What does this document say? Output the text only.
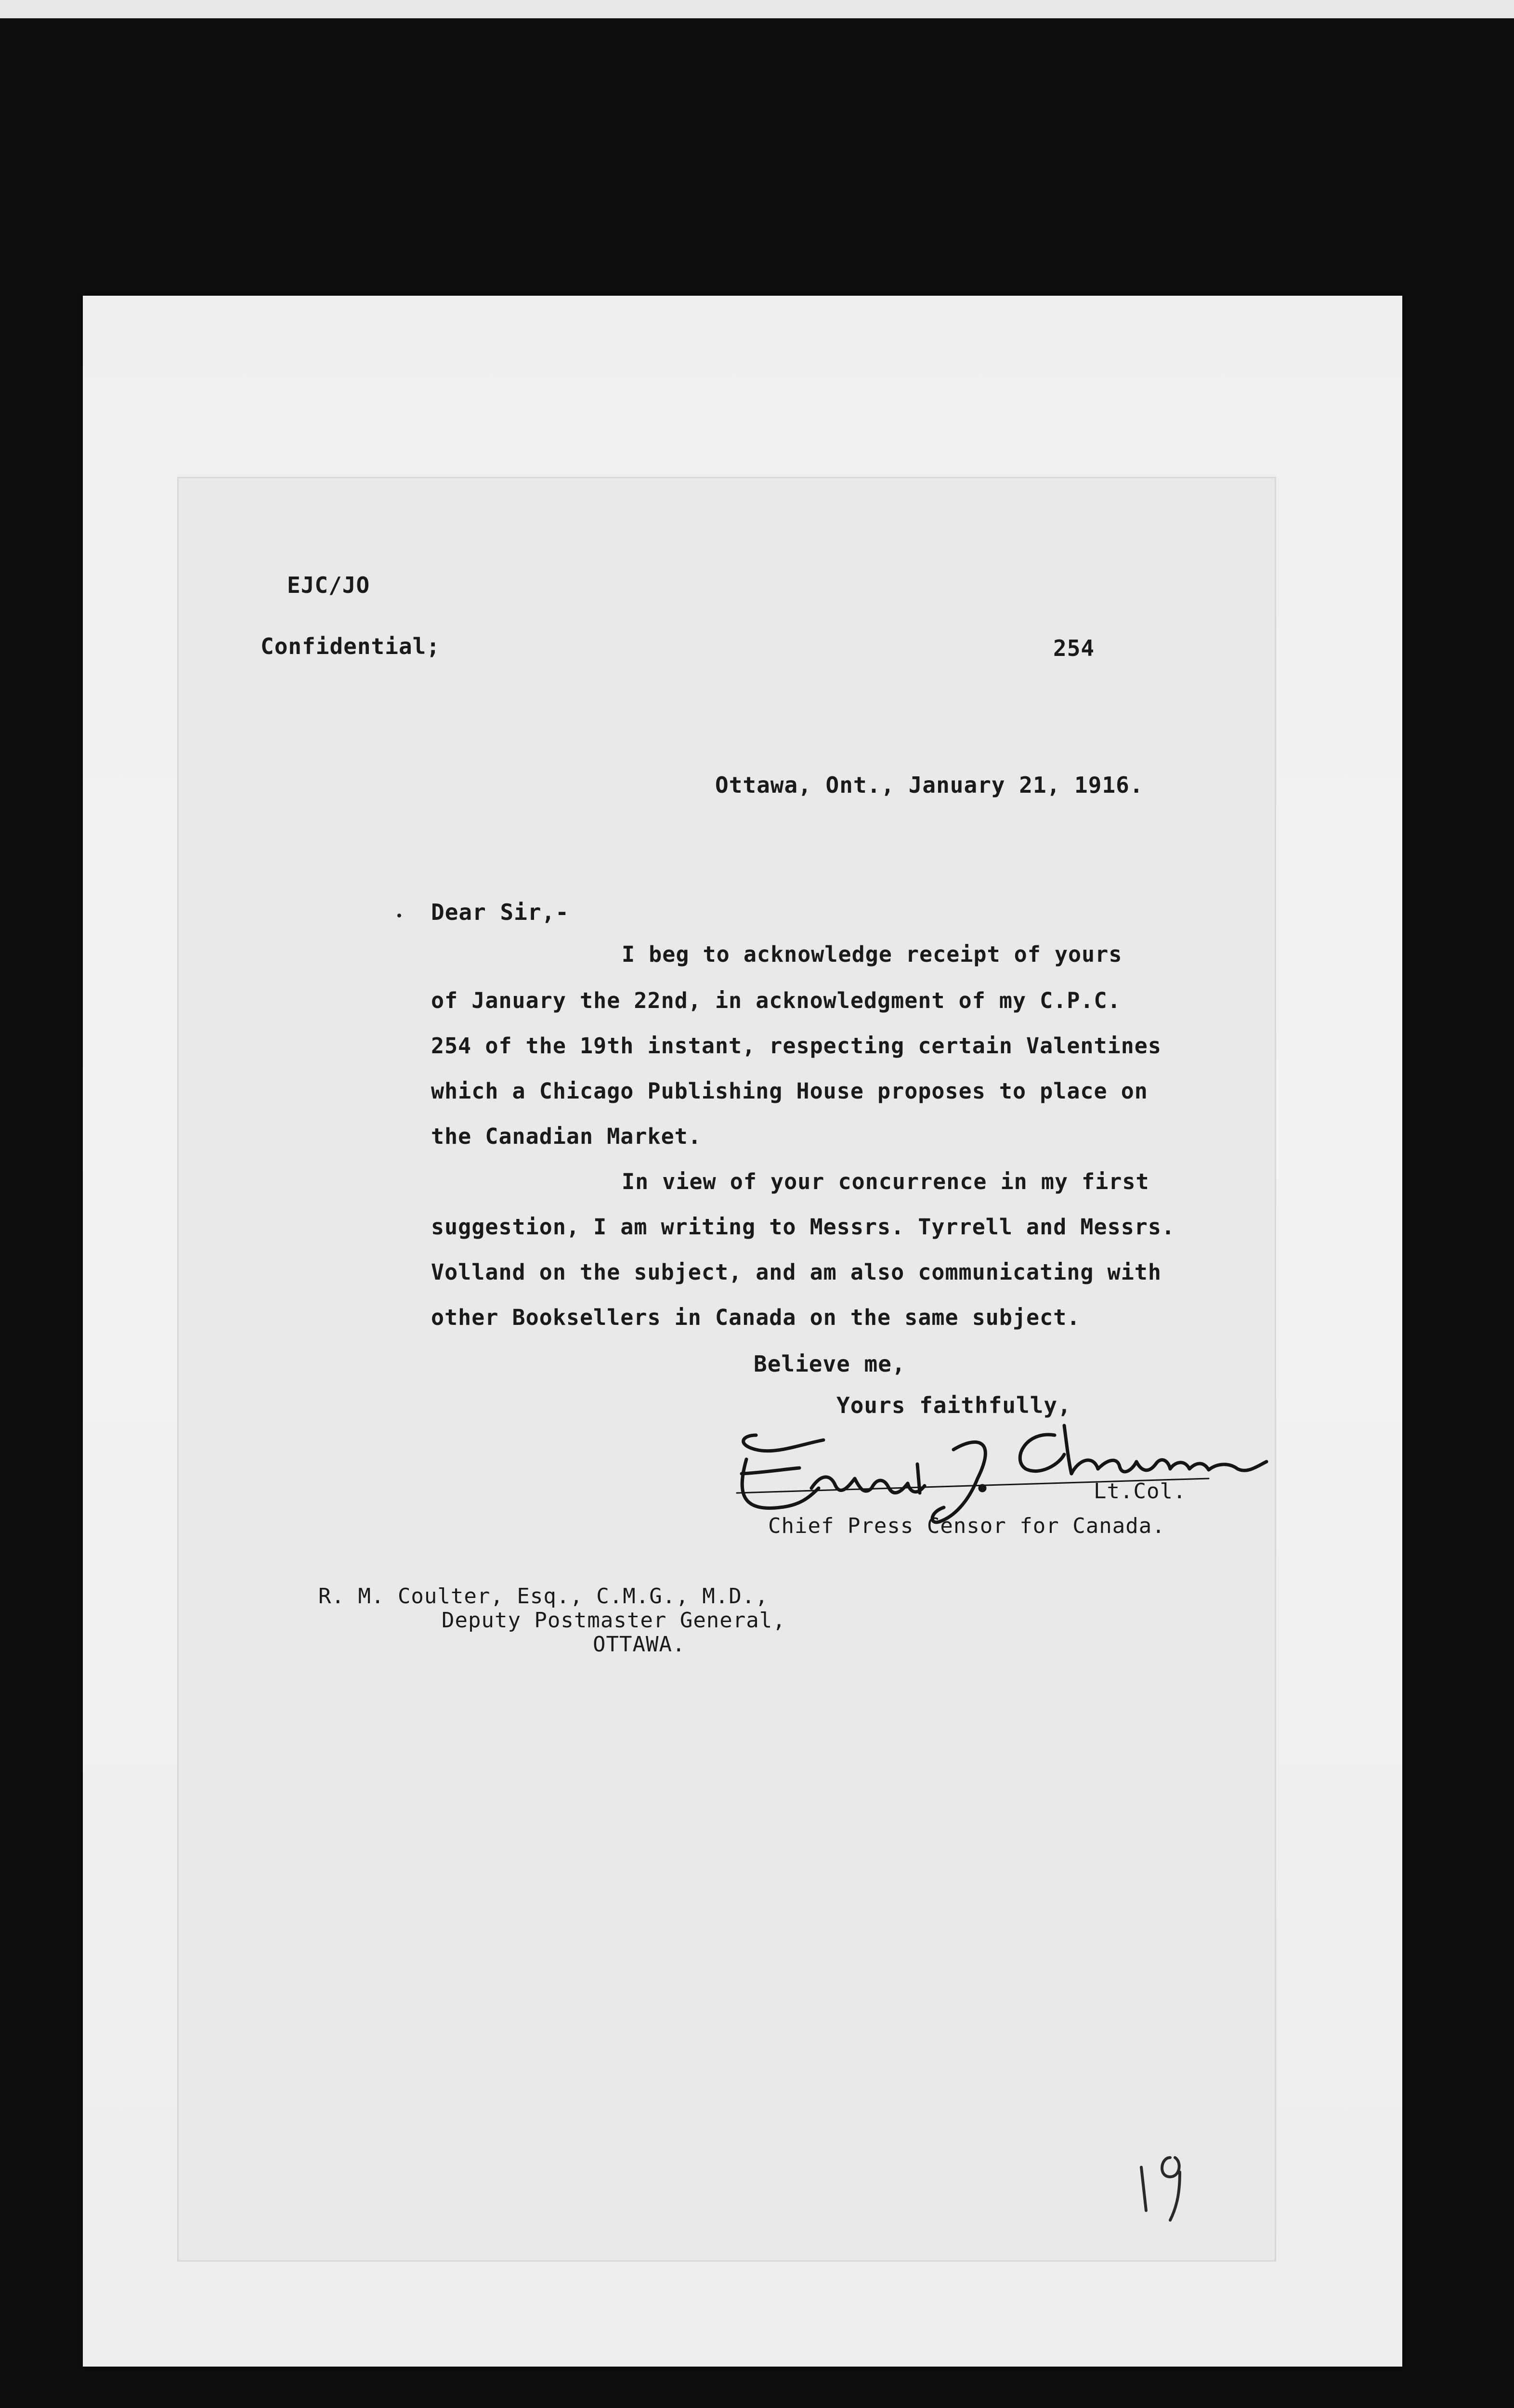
EJC/JO
Confidential;	254
Ottawa, Ont., January 21, 1916.
Dear Sir,-
I beg to acknowledge receipt of yours
of January the 22nd, in acknowledgment of my C.P.C.
254 of the 19th instant, respecting certain Valentines
which a Chicago Publishing House proposes to place on
the Canadian Market.
In view of your concurrence in my first
suggestion, I am writing to Messrs. Tyrrell and Messrs.
Volland on the subject, and am also communicating with
other Booksellers in Canada on the same subject.
Believe me,
Yours faithfully,
Lt.Col.
Chief Press Censor for Canada.
R. M. Coulter, Esq., C.M.G., M.D.,
Deputy Postmaster General,
OTTAWA.
